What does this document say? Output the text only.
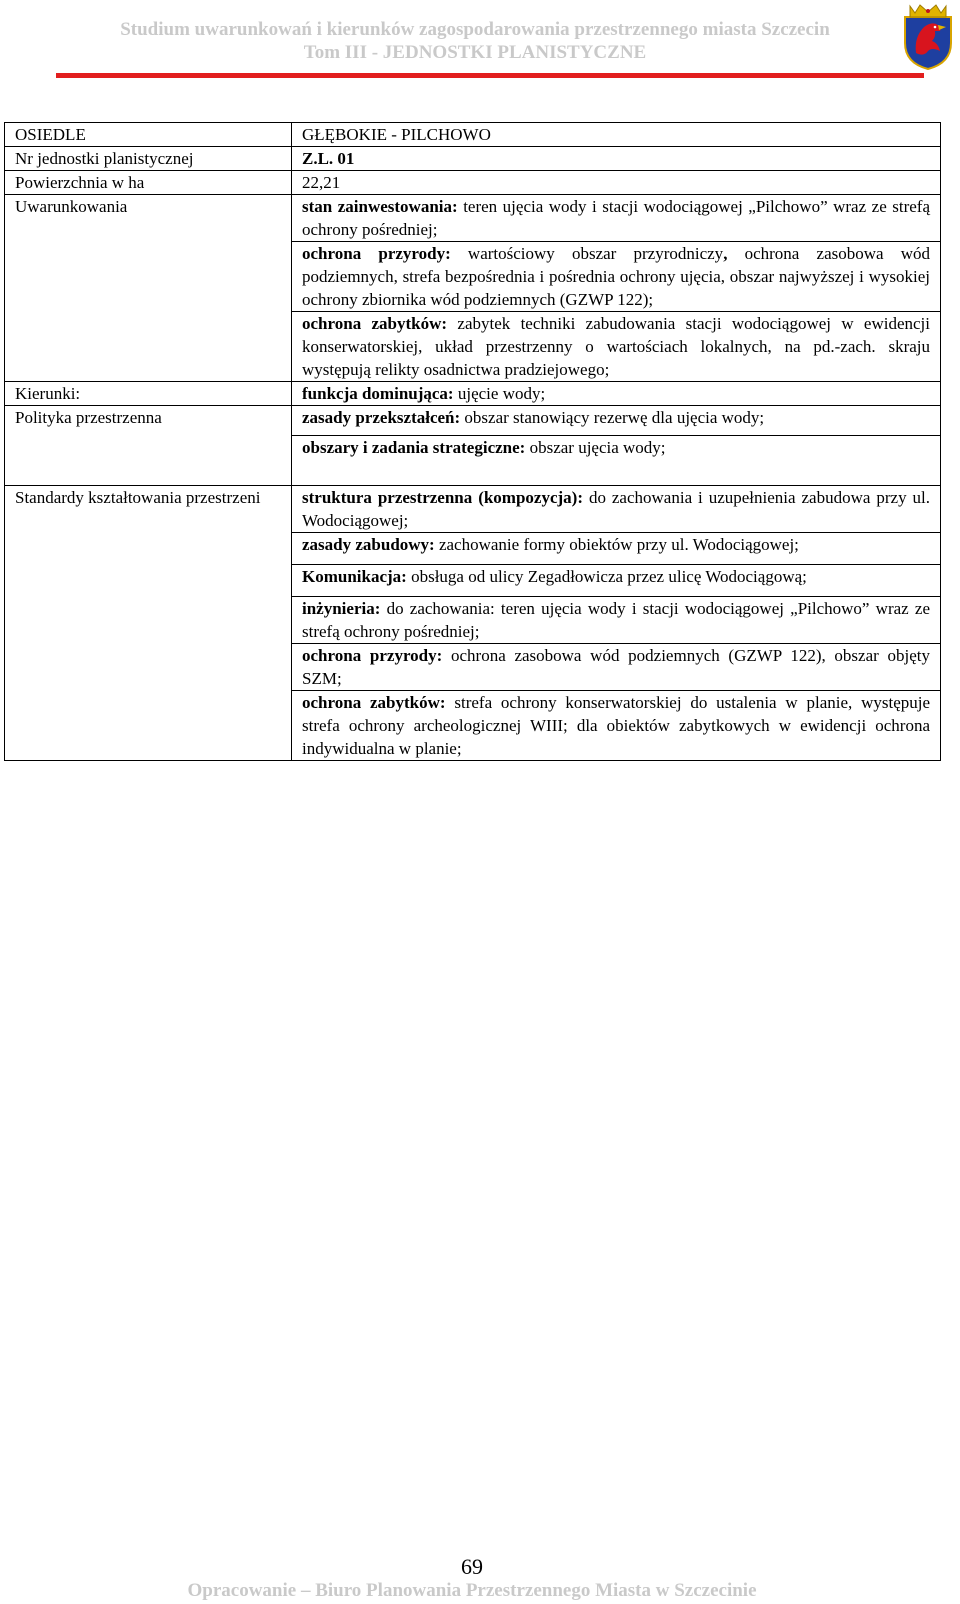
Studium uwarunkowań i kierunków zagospodarowania przestrzennego miasta Szczecin
Tom III - JEDNOSTKI PLANISTYCZNE
OSIEDLE	GŁĘBOKIE - PILCHOWO
Nr jednostki planistycznej	Z.L. 01
Powierzchnia w ha	22,21
Uwarunkowania	stan zainwestowania: teren ujęcia wody i stacji wodociągowej „Pilchowo” wraz ze strefą ochrony pośredniej;
	ochrona przyrody: wartościowy obszar przyrodniczy, ochrona zasobowa wód podziemnych, strefa bezpośrednia i pośrednia ochrony ujęcia, obszar najwyższej i wysokiej ochrony zbiornika wód podziemnych (GZWP 122);
	ochrona zabytków: zabytek techniki zabudowania stacji wodociągowej w ewidencji konserwatorskiej, układ przestrzenny o wartościach lokalnych, na pd.-zach. skraju występują relikty osadnictwa pradziejowego;
Kierunki:	funkcja dominująca: ujęcie wody;
Polityka przestrzenna	zasady przekształceń: obszar stanowiący rezerwę dla ujęcia wody;
	obszary i zadania strategiczne: obszar ujęcia wody;
Standardy kształtowania przestrzeni	struktura przestrzenna (kompozycja): do zachowania i uzupełnienia zabudowa przy ul. Wodociągowej;
	zasady zabudowy: zachowanie formy obiektów przy ul. Wodociągowej;
	Komunikacja: obsługa od ulicy Zegadłowicza przez ulicę Wodociągową;
	inżynieria: do zachowania: teren ujęcia wody i stacji wodociągowej „Pilchowo” wraz ze strefą ochrony pośredniej;
	ochrona przyrody: ochrona zasobowa wód podziemnych (GZWP 122), obszar objęty SZM;
	ochrona zabytków: strefa ochrony konserwatorskiej do ustalenia w planie, występuje strefa ochrony archeologicznej WIII; dla obiektów zabytkowych w ewidencji ochrona indywidualna w planie;
69
Opracowanie – Biuro Planowania Przestrzennego Miasta w Szczecinie
